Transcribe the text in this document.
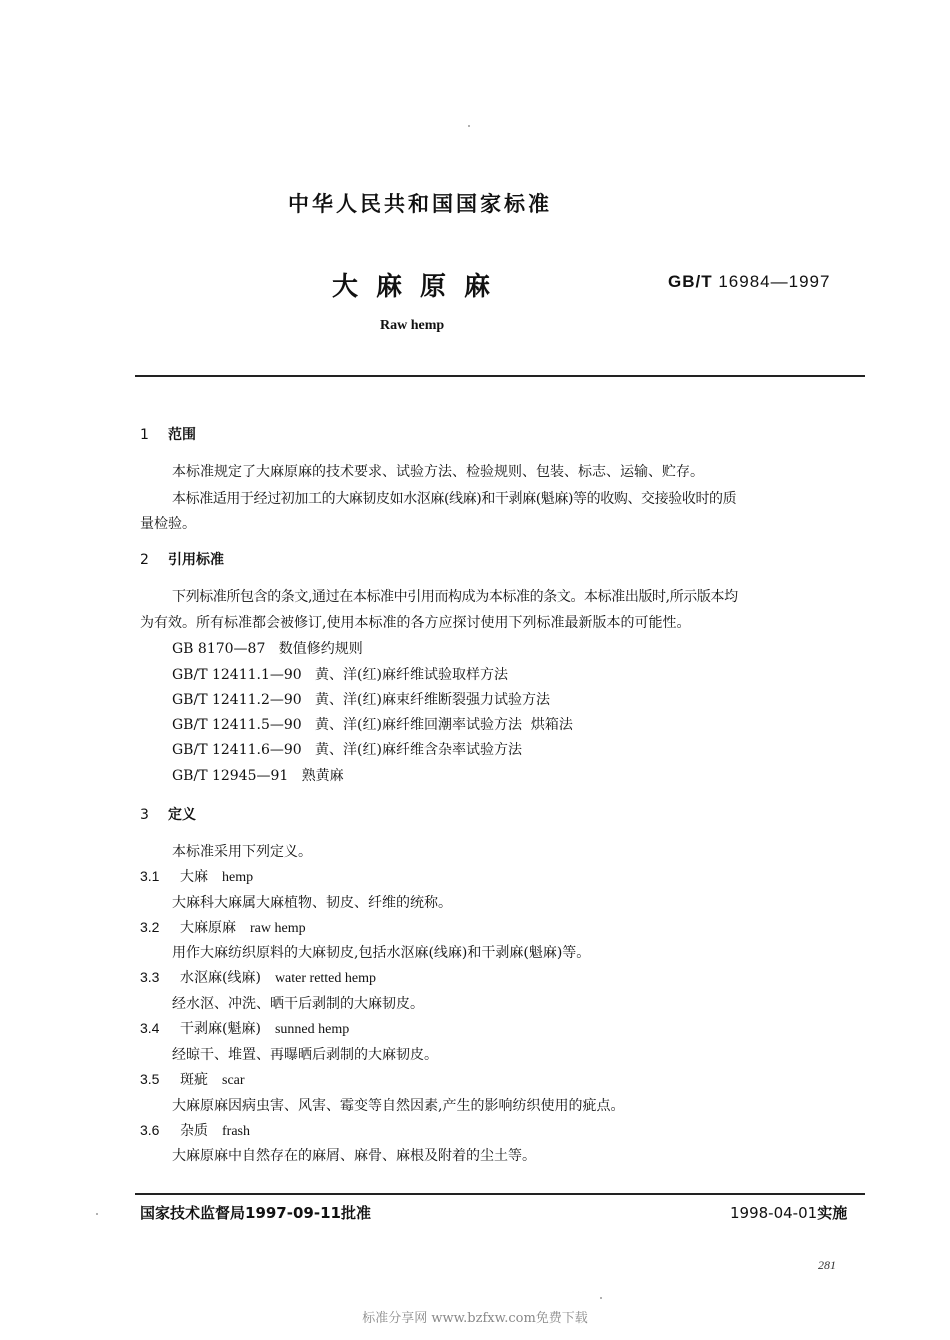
中华人民共和国国家标准
大麻原麻	GB/T 16984—1997
Raw hemp
1 范围
本标准规定了大麻原麻的技术要求、试验方法、检验规则、包装、标志、运输、贮存。
本标准适用于经过初加工的大麻韧皮如水沤麻(线麻)和干剥麻(魁麻)等的收购、交接验收时的质
量检验。
2 引用标准
下列标准所包含的条文,通过在本标准中引用而构成为本标准的条文。本标准出版时,所示版本均
为有效。所有标准都会被修订,使用本标准的各方应探讨使用下列标准最新版本的可能性。
GB 8170—87 数值修约规则
GB/T 12411.1—90 黄、洋(红)麻纤维试验取样方法
GB/T 12411.2—90 黄、洋(红)麻束纤维断裂强力试验方法
GB/T 12411.5—90 黄、洋(红)麻纤维回潮率试验方法  烘箱法
GB/T 12411.6—90 黄、洋(红)麻纤维含杂率试验方法
GB/T 12945—91 熟黄麻
3 定义
本标准采用下列定义。
3.1 大麻 hemp
大麻科大麻属大麻植物、韧皮、纤维的统称。
3.2 大麻原麻 raw hemp
用作大麻纺织原料的大麻韧皮,包括水沤麻(线麻)和干剥麻(魁麻)等。
3.3 水沤麻(线麻) water retted hemp
经水沤、冲洗、晒干后剥制的大麻韧皮。
3.4 干剥麻(魁麻) sunned hemp
经晾干、堆置、再曝晒后剥制的大麻韧皮。
3.5 斑疵 scar
大麻原麻因病虫害、风害、霉变等自然因素,产生的影响纺织使用的疵点。
3.6 杂质 frash
大麻原麻中自然存在的麻屑、麻骨、麻根及附着的尘土等。
国家技术监督局1997-09-11批准	1998-04-01实施
281
标准分享网 www.bzfxw.com免费下载
